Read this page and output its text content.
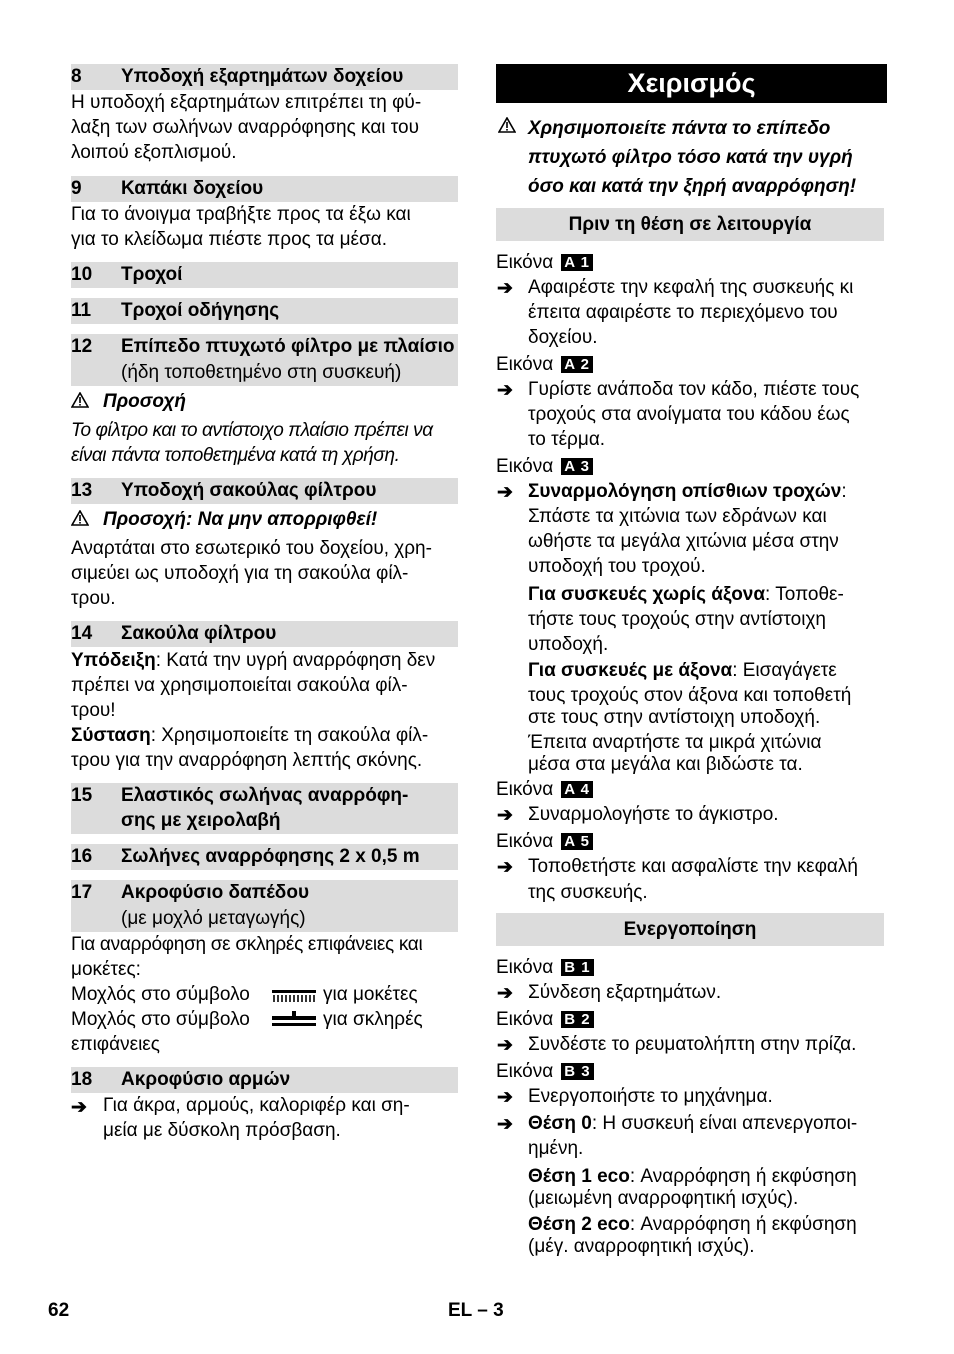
8 Υποδοχή εξαρτημάτων δοχείου
Η υποδοχή εξαρτημάτων επιτρέπει τη φύ-
λαξη των σωλήνων αναρρόφησης και του
λοιπού εξοπλισμού.
9 Καπάκι δοχείου
Για το άνοιγμα τραβήξτε προς τα έξω και
για το κλείδωμα πιέστε προς τα μέσα.
10 Τροχοί
11 Τροχοί οδήγησης
12 Επίπεδο πτυχωτό φίλτρο με πλαίσιο
(ήδη τοποθετημένο στη συσκευή)
Προσοχή
Το φίλτρο και το αντίστοιχο πλαίσιο πρέπει να
είναι πάντα τοποθετημένα κατά τη χρήση.
13 Υποδοχή σακούλας φίλτρου
Προσοχή: Να μην απορριφθεί!
Αναρτάται στο εσωτερικό του δοχείου, χρη-
σιμεύει ως υποδοχή για τη σακούλα φίλ-
τρου.
14 Σακούλα φίλτρου
Υπόδειξη: Κατά την υγρή αναρρόφηση δεν
πρέπει να χρησιμοποιείται σακούλα φίλ-
τρου!
Σύσταση: Χρησιμοποιείτε τη σακούλα φίλ-
τρου για την αναρρόφηση λεπτής σκόνης.
15 Ελαστικός σωλήνας αναρρόφη-
σης με χειρολαβή
16 Σωλήνες αναρρόφησης 2 x 0,5 m
17 Ακροφύσιο δαπέδου
(με μοχλό μεταγωγής)
Για αναρρόφηση σε σκληρές επιφάνειες και
μοκέτες:
Μοχλός στο σύμβολο	για μοκέτες
Μοχλός στο σύμβολο	για σκληρές
επιφάνειες
18 Ακροφύσιο αρμών
➔ Για άκρα, αρμούς, καλοριφέρ και ση-
μεία με δύσκολη πρόσβαση.
Χειρισμός
Χρησιμοποιείτε πάντα το επίπεδο
πτυχωτό φίλτρο τόσο κατά την υγρή
όσο και κατά την ξηρή αναρρόφηση!
Πριν τη θέση σε λειτουργία
Εικόνα A 1
➔ Αφαιρέστε την κεφαλή της συσκευής κι
έπειτα αφαιρέστε το περιεχόμενο του
δοχείου.
Εικόνα A 2
➔ Γυρίστε ανάποδα τον κάδο, πιέστε τους
τροχούς στα ανοίγματα του κάδου έως
το τέρμα.
Εικόνα A 3
➔ Συναρμολόγηση οπίσθιων τροχών:
Σπάστε τα χιτώνια των εδράνων και
ωθήστε τα μεγάλα χιτώνια μέσα στην
υποδοχή του τροχού.
Για συσκευές χωρίς άξονα: Τοποθε-
τήστε τους τροχούς στην αντίστοιχη
υποδοχή.
Για συσκευές με άξονα: Εισαγάγετε
τους τροχούς στον άξονα και τοποθετή
στε τους στην αντίστοιχη υποδοχή.
Έπειτα αναρτήστε τα μικρά χιτώνια
μέσα στα μεγάλα και βιδώστε τα.
Εικόνα A 4
➔ Συναρμολογήστε το άγκιστρο.
Εικόνα A 5
➔ Τοποθετήστε και ασφαλίστε την κεφαλή
της συσκευής.
Ενεργοποίηση
Εικόνα B 1
➔ Σύνδεση εξαρτημάτων.
Εικόνα B 2
➔ Συνδέστε το ρευματολήπτη στην πρίζα.
Εικόνα B 3
➔ Ενεργοποιήστε το μηχάνημα.
➔ Θέση 0: Η συσκευή είναι απενεργοποι-
ημένη.
Θέση 1 eco: Αναρρόφηση ή εκφύσηση
(μειωμένη αναρροφητική ισχύς).
Θέση 2 eco: Αναρρόφηση ή εκφύσηση
(μέγ. αναρροφητική ισχύς).
62	EL – 3
